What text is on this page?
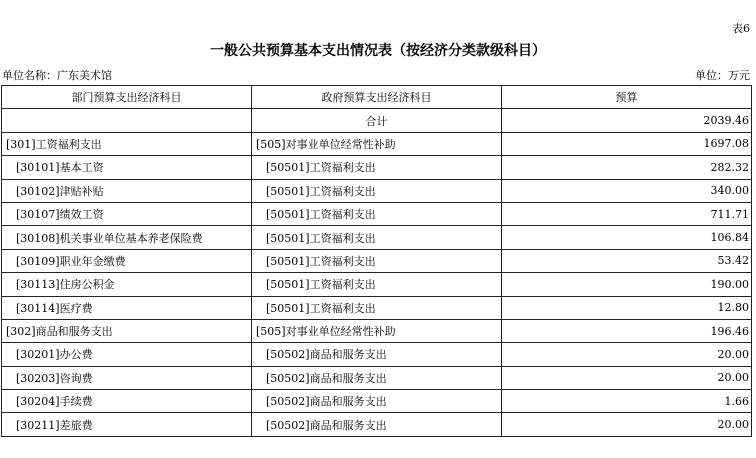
表6
一般公共预算基本支出情况表（按经济分类款级科目）
单位名称：广东美术馆	单位：万元
部门预算支出经济科目	政府预算支出经济科目	预算
	合计	2039.46
[301]工资福利支出	[505]对事业单位经常性补助	1697.08
[30101]基本工资	[50501]工资福利支出	282.32
[30102]津贴补贴	[50501]工资福利支出	340.00
[30107]绩效工资	[50501]工资福利支出	711.71
[30108]机关事业单位基本养老保险费	[50501]工资福利支出	106.84
[30109]职业年金缴费	[50501]工资福利支出	53.42
[30113]住房公积金	[50501]工资福利支出	190.00
[30114]医疗费	[50501]工资福利支出	12.80
[302]商品和服务支出	[505]对事业单位经常性补助	196.46
[30201]办公费	[50502]商品和服务支出	20.00
[30203]咨询费	[50502]商品和服务支出	20.00
[30204]手续费	[50502]商品和服务支出	1.66
[30211]差旅费	[50502]商品和服务支出	20.00
